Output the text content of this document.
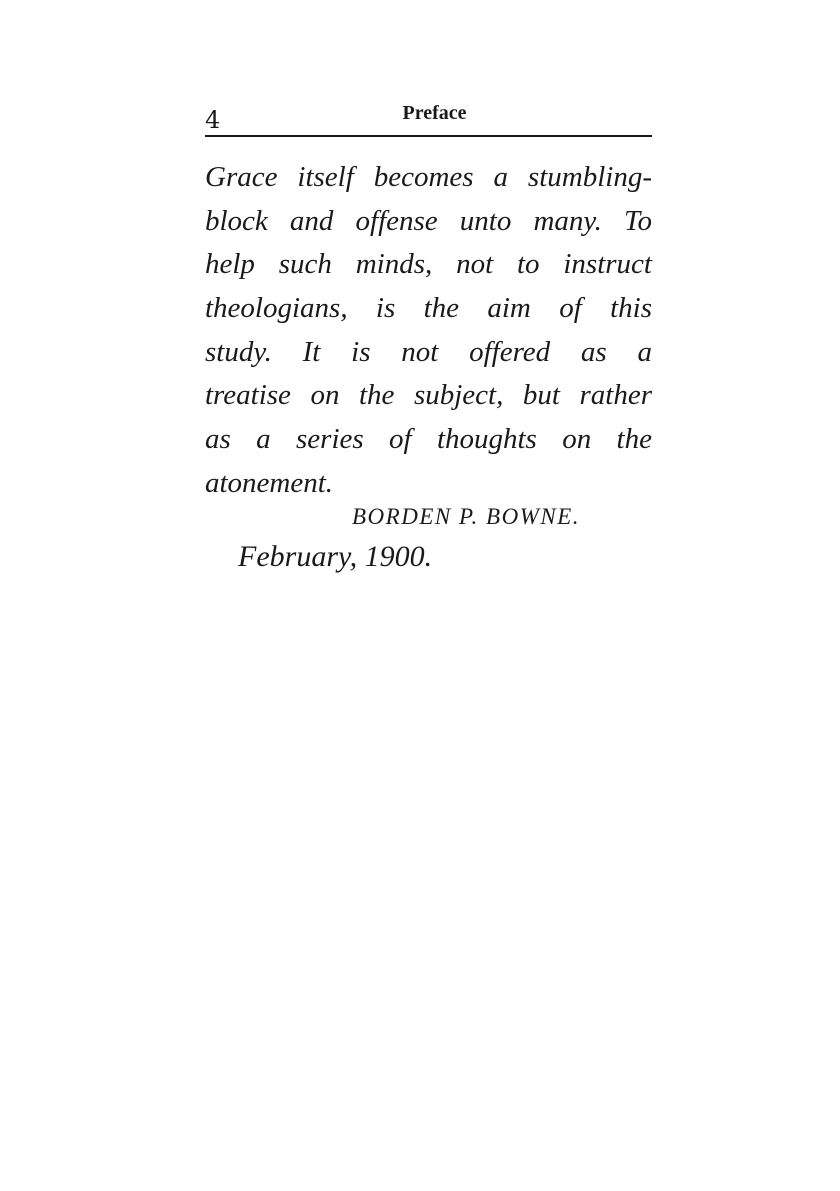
4	Preface
Grace itself becomes a stumbling-
block and offense unto many. To
help such minds, not to instruct
theologians, is the aim of this
study. It is not offered as a
treatise on the subject, but rather
as a series of thoughts on the
atonement.
BORDEN P. BOWNE.
February, 1900.
